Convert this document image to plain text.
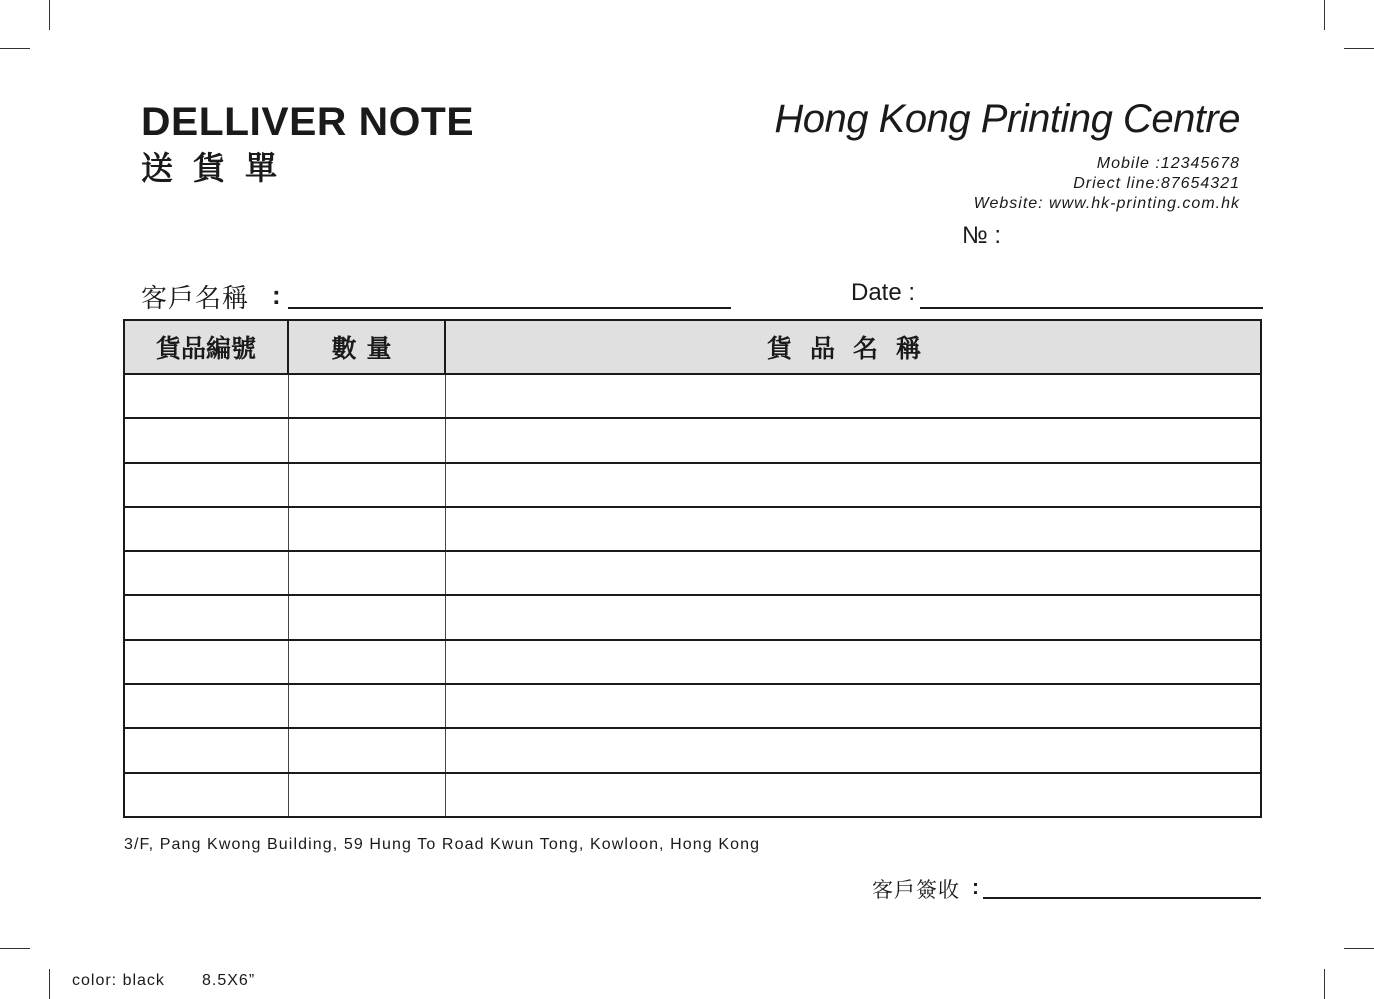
DELLIVER NOTE
送貨單
Hong Kong Printing Centre
Mobile :12345678
Driect line:87654321
Website: www.hk-printing.com.hk
№ :
客戶名稱 :	Date :
貨品編號	數量	貨品名稱

3/F, Pang Kwong Building, 59 Hung To Road Kwun Tong, Kowloon, Hong Kong
客戶簽收 :
color: black 8.5X6”
